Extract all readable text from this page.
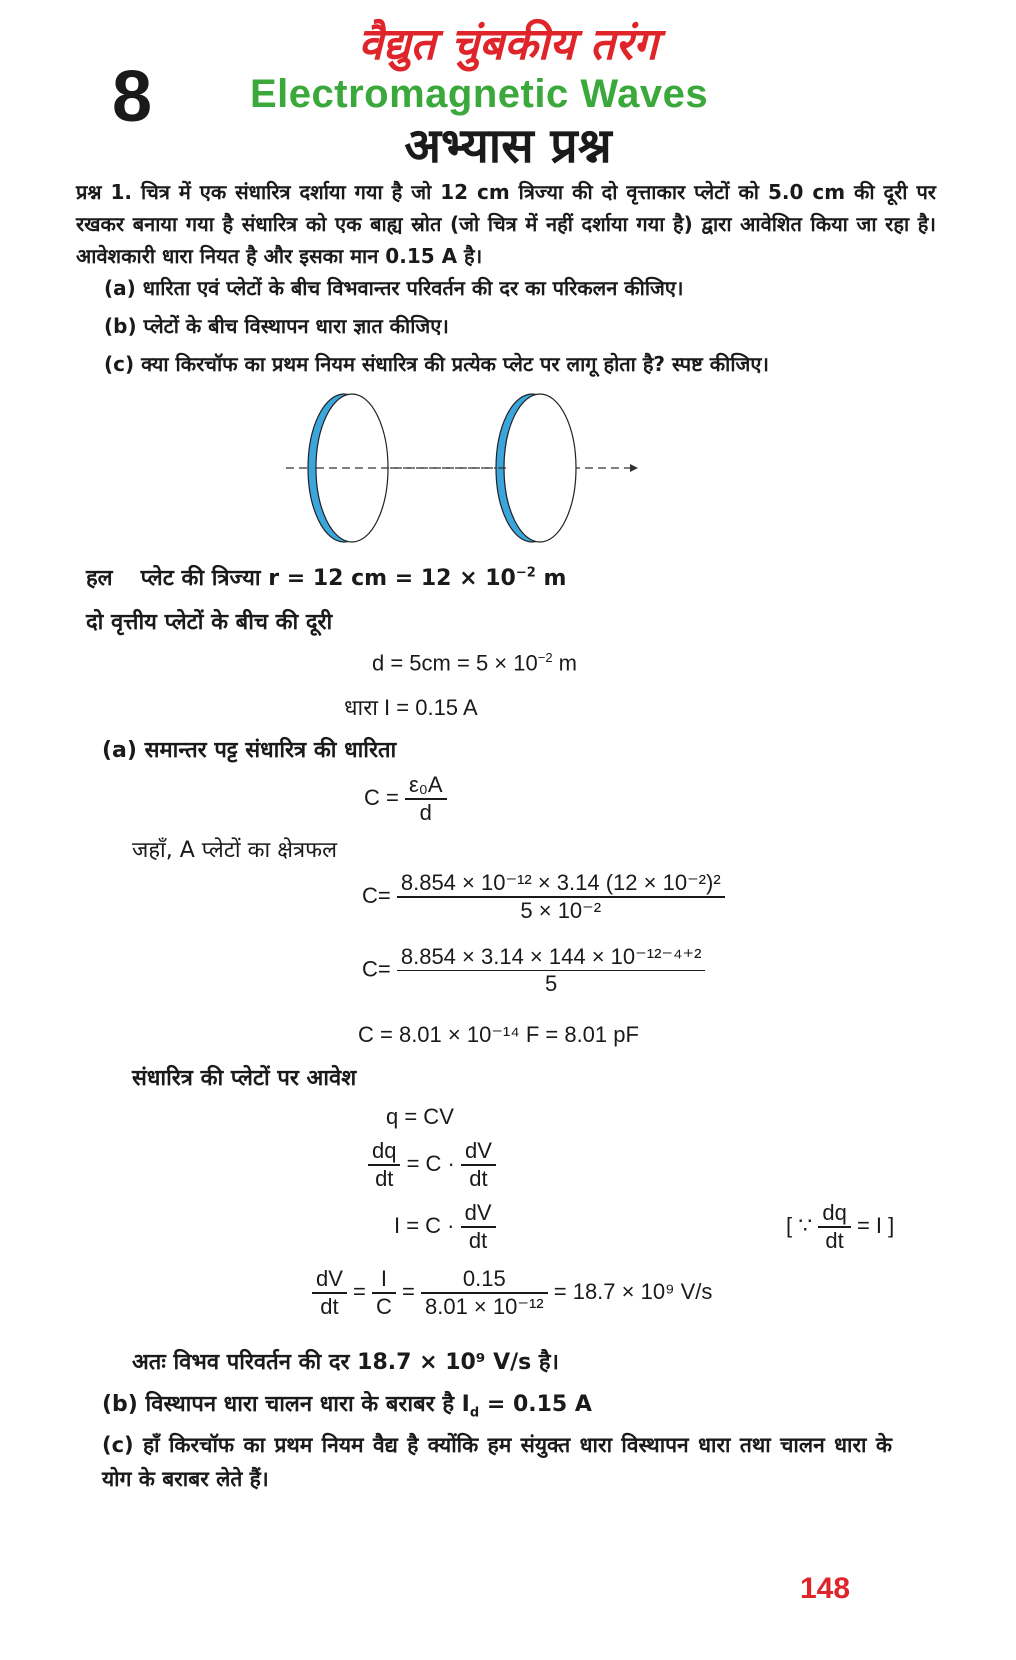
वैद्युत चुंबकीय तरंग
8 Electromagnetic Waves
अभ्यास प्रश्न
प्रश्न 1. चित्र में एक संधारित्र दर्शाया गया है जो 12 cm त्रिज्या की दो वृत्ताकार प्लेटों को 5.0 cm की दूरी पर रखकर बनाया गया है संधारित्र को एक बाह्य स्रोत (जो चित्र में नहीं दर्शाया गया है) द्वारा आवेशित किया जा रहा है। आवेशकारी धारा नियत है और इसका मान 0.15 A है।
(a) धारिता एवं प्लेटों के बीच विभवान्तर परिवर्तन की दर का परिकलन कीजिए।
(b) प्लेटों के बीच विस्थापन धारा ज्ञात कीजिए।
(c) क्या किरचॉफ का प्रथम नियम संधारित्र की प्रत्येक प्लेट पर लागू होता है? स्पष्ट कीजिए।
हल प्लेट की त्रिज्या r = 12 cm = $12 \times 10^{-2}$ m
दो वृत्तीय प्लेटों के बीच की दूरी
$d = 5cm = 5 \times 10^{-2}$ m
धारा I = 0.15 A
(a) समान्तर पट्ट संधारित्र की धारिता
$C = \frac{\text{ε₀A}}{d}$
जहाँ, A प्लेटों का क्षेत्रफल
$C= \frac{\text{8.854 × 10⁻¹² × 3.14 (12 × 10⁻²)²}}{\text{5 × 10⁻²}}$
$C= \frac{\text{8.854 × 3.14 × 144 × 10⁻¹²⁻⁴⁺²}}{5}$
C = 8.01 × 10⁻¹⁴ F = 8.01 pF
संधारित्र की प्लेटों पर आवेश
q = CV
$\frac{dq}{dt} = C \cdot \frac{dV}{dt}$
$I = C \cdot \frac{dV}{dt}$	[ ∵ $\frac{dq}{dt} = I$ ]
$\frac{dV}{dt} = \frac{I}{C} = \frac{0.15}{\text{8.01 × 10⁻¹²}} = 18.7 \times 10^9$ V/s
अतः विभव परिवर्तन की दर 18.7 × 10⁹ V/s है।
(b) विस्थापन धारा चालन धारा के बराबर है $I_d = 0.15$ A
(c) हाँ किरचॉफ का प्रथम नियम वैद्य है क्योंकि हम संयुक्त धारा विस्थापन धारा तथा चालन धारा के योग के बराबर लेते हैं।
148
